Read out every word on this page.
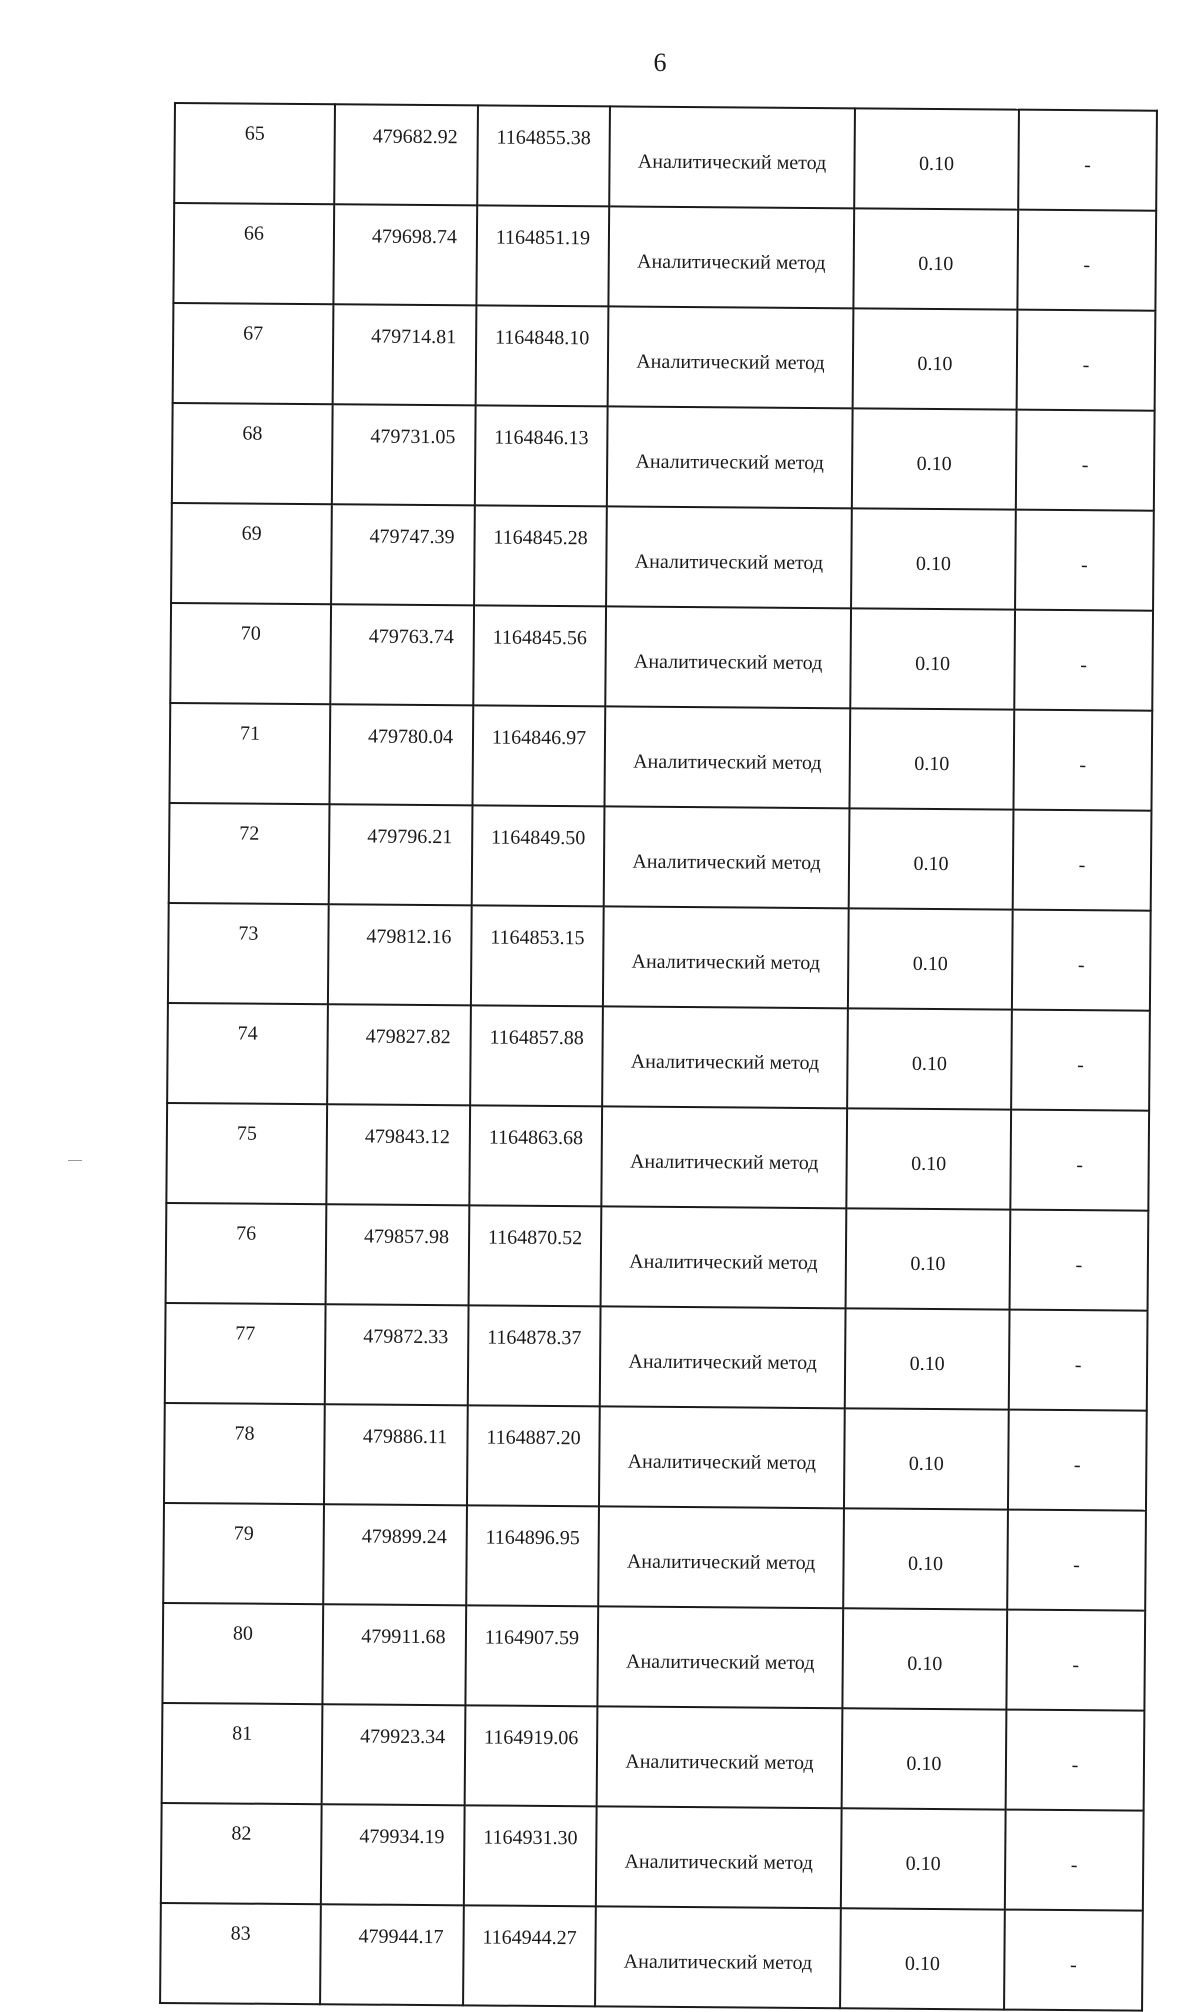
6
65	479682.92	1164855.38	Аналитический метод	0.10	-
66	479698.74	1164851.19	Аналитический метод	0.10	-
67	479714.81	1164848.10	Аналитический метод	0.10	-
68	479731.05	1164846.13	Аналитический метод	0.10	-
69	479747.39	1164845.28	Аналитический метод	0.10	-
70	479763.74	1164845.56	Аналитический метод	0.10	-
71	479780.04	1164846.97	Аналитический метод	0.10	-
72	479796.21	1164849.50	Аналитический метод	0.10	-
73	479812.16	1164853.15	Аналитический метод	0.10	-
74	479827.82	1164857.88	Аналитический метод	0.10	-
75	479843.12	1164863.68	Аналитический метод	0.10	-
76	479857.98	1164870.52	Аналитический метод	0.10	-
77	479872.33	1164878.37	Аналитический метод	0.10	-
78	479886.11	1164887.20	Аналитический метод	0.10	-
79	479899.24	1164896.95	Аналитический метод	0.10	-
80	479911.68	1164907.59	Аналитический метод	0.10	-
81	479923.34	1164919.06	Аналитический метод	0.10	-
82	479934.19	1164931.30	Аналитический метод	0.10	-
83	479944.17	1164944.27	Аналитический метод	0.10	-
